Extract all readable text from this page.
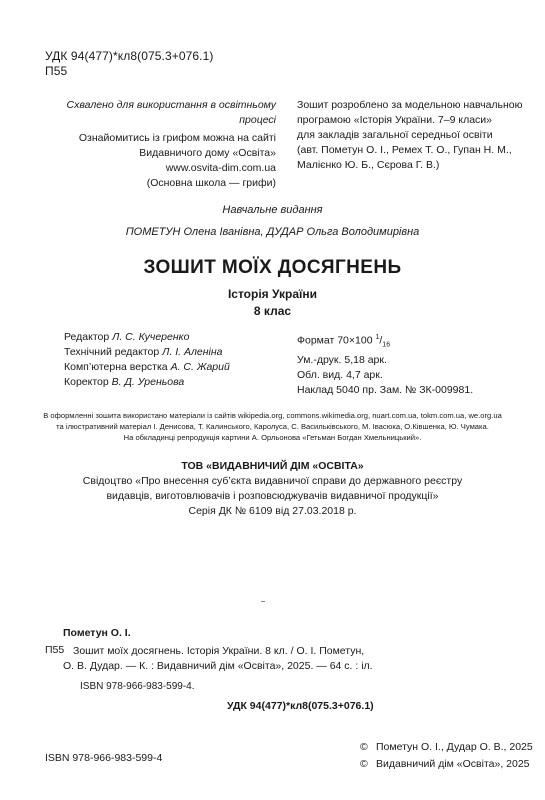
УДК 94(477)*кл8(075.3+076.1)
П55
Схвалено для використання в освітньому процесі
Ознайомитись із грифом можна на сайті
Видавничого дому «Освіта»
www.osvita-dim.com.ua
(Основна школа — грифи)
Зошит розроблено за модельною навчальною
програмою «Історія України. 7–9 класи»
для закладів загальної середньої освіти
(авт. Пометун О. І., Ремех Т. О., Гупан Н. М.,
Малієнко Ю. Б., Сєрова Г. В.)
Навчальне видання
ПОМЕТУН Олена Іванівна, ДУДАР Ольга Володимирівна
ЗОШИТ МОЇХ ДОСЯГНЕНЬ
Історія України
8 клас
Редактор Л. С. Кучеренко
Технічний редактор Л. І. Аленіна
Комп’ютерна верстка А. С. Жарий
Коректор В. Д. Уреньова
Формат 70×100 $^1/_{16}$
Ум.-друк. 5,18 арк.
Обл. вид. 4,7 арк.
Наклад 5040 пр. Зам. № ЗК-009981.
В оформленні зошита використано матеріали із сайтів wikipedia.org, commons.wikimedia.org, nuart.com.ua, tokm.com.ua, we.org.ua
та ілюстративний матеріал І. Денисова, Т. Калинського, Каролуса, С. Васильківського, М. Івасюка, О.Ківшенка, Ю. Чумака.
На обкладинці репродукція картини А. Орльонова «Гетьман Богдан Хмельницький».
ТОВ «ВИДАВНИЧИЙ ДІМ «ОСВІТА»
Свідоцтво «Про внесення суб’єкта видавничої справи до державного реєстру
видавців, виготовлювачів і розповсюджувачів видавничої продукції»
Серія ДК № 6109 від 27.03.2018 р.
Пометун О. І.
П55 Зошит моїх досягнень. Історія України. 8 кл. / О. І. Пометун,
О. В. Дудар. — К. : Видавничий дім «Освіта», 2025. — 64 с. : іл.
ISBN 978-966-983-599-4.
УДК 94(477)*кл8(075.3+076.1)
ISBN 978-966-983-599-4
© Пометун О. І., Дудар О. В., 2025
© Видавничий дім «Освіта», 2025
